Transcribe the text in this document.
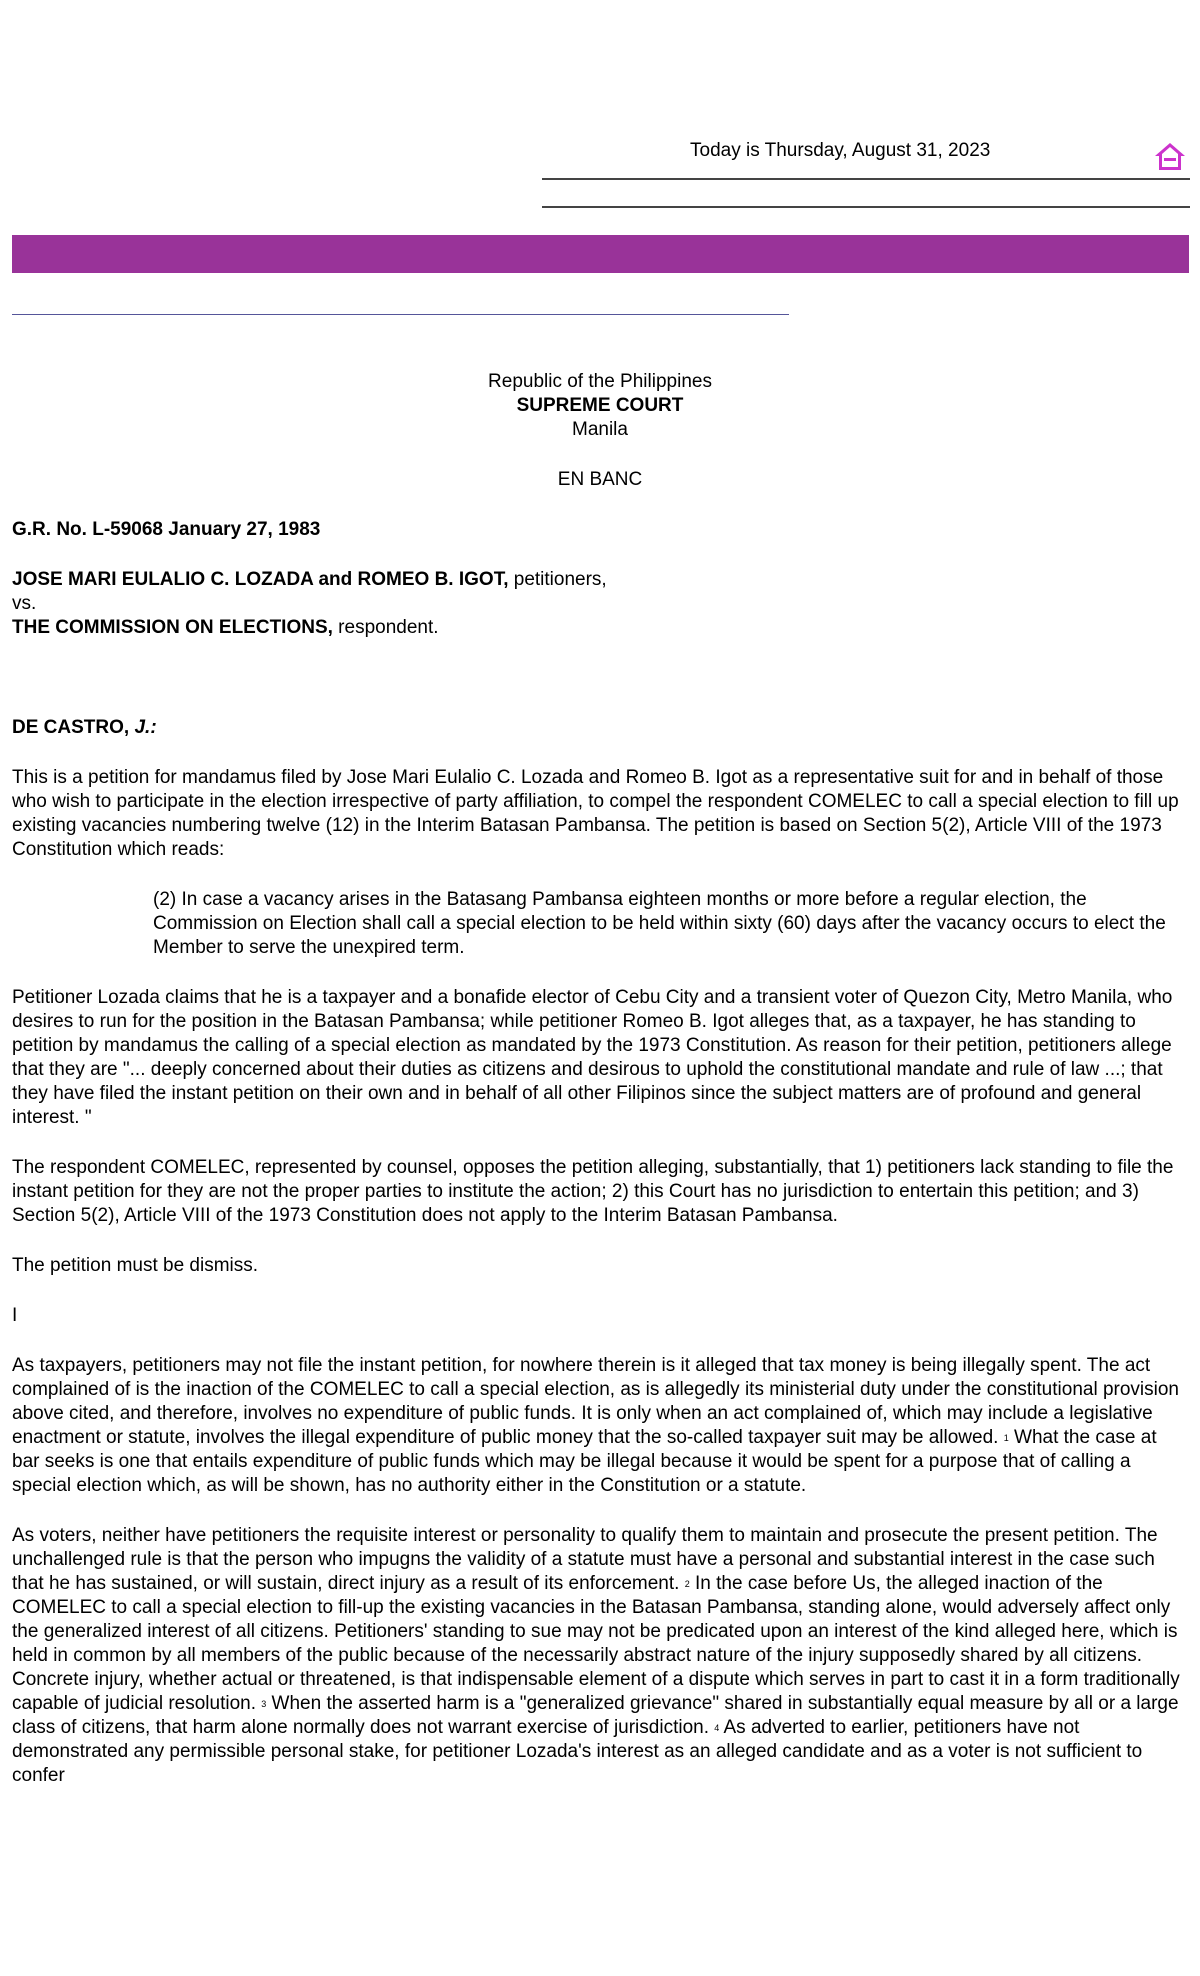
Today is Thursday, August 31, 2023
Republic of the Philippines
SUPREME COURT
Manila
EN BANC

G.R. No. L-59068 January 27, 1983

JOSE MARI EULALIO C. LOZADA and ROMEO B. IGOT, petitioners,
vs.
THE COMMISSION ON ELECTIONS, respondent.

DE CASTRO, J.:

This is a petition for mandamus filed by Jose Mari Eulalio C. Lozada and Romeo B. Igot as a representative suit for and in behalf of those who wish to participate in the election irrespective of party affiliation, to compel the respondent COMELEC to call a special election to fill up existing vacancies numbering twelve (12) in the Interim Batasan Pambansa. The petition is based on Section 5(2), Article VIII of the 1973 Constitution which reads:

(2) In case a vacancy arises in the Batasang Pambansa eighteen months or more before a regular election, the Commission on Election shall call a special election to be held within sixty (60) days after the vacancy occurs to elect the Member to serve the unexpired term.

Petitioner Lozada claims that he is a taxpayer and a bonafide elector of Cebu City and a transient voter of Quezon City, Metro Manila, who desires to run for the position in the Batasan Pambansa; while petitioner Romeo B. Igot alleges that, as a taxpayer, he has standing to petition by mandamus the calling of a special election as mandated by the 1973 Constitution. As reason for their petition, petitioners allege that they are "... deeply concerned about their duties as citizens and desirous to uphold the constitutional mandate and rule of law ...; that they have filed the instant petition on their own and in behalf of all other Filipinos since the subject matters are of profound and general interest. "

The respondent COMELEC, represented by counsel, opposes the petition alleging, substantially, that 1) petitioners lack standing to file the instant petition for they are not the proper parties to institute the action; 2) this Court has no jurisdiction to entertain this petition; and 3) Section 5(2), Article VIII of the 1973 Constitution does not apply to the Interim Batasan Pambansa.

The petition must be dismiss.

I

As taxpayers, petitioners may not file the instant petition, for nowhere therein is it alleged that tax money is being illegally spent. The act complained of is the inaction of the COMELEC to call a special election, as is allegedly its ministerial duty under the constitutional provision above cited, and therefore, involves no expenditure of public funds. It is only when an act complained of, which may include a legislative enactment or statute, involves the illegal expenditure of public money that the so-called taxpayer suit may be allowed. $^1$ What the case at bar seeks is one that entails expenditure of public funds which may be illegal because it would be spent for a purpose that of calling a special election which, as will be shown, has no authority either in the Constitution or a statute.

As voters, neither have petitioners the requisite interest or personality to qualify them to maintain and prosecute the present petition. The unchallenged rule is that the person who impugns the validity of a statute must have a personal and substantial interest in the case such that he has sustained, or will sustain, direct injury as a result of its enforcement. $^2$ In the case before Us, the alleged inaction of the COMELEC to call a special election to fill-up the existing vacancies in the Batasan Pambansa, standing alone, would adversely affect only the generalized interest of all citizens. Petitioners' standing to sue may not be predicated upon an interest of the kind alleged here, which is held in common by all members of the public because of the necessarily abstract nature of the injury supposedly shared by all citizens. Concrete injury, whether actual or threatened, is that indispensable element of a dispute which serves in part to cast it in a form traditionally capable of judicial resolution. $^3$ When the asserted harm is a "generalized grievance" shared in substantially equal measure by all or a large class of citizens, that harm alone normally does not warrant exercise of jurisdiction. $^4$ As adverted to earlier, petitioners have not demonstrated any permissible personal stake, for petitioner Lozada's interest as an alleged candidate and as a voter is not sufficient to confer
